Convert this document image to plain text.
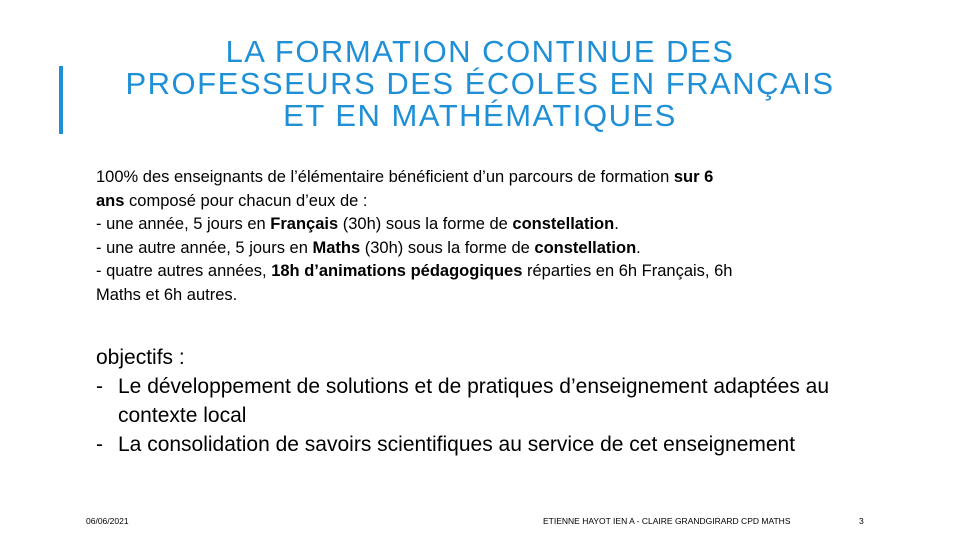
LA FORMATION CONTINUE DES
PROFESSEURS DES ÉCOLES EN FRANÇAIS
ET EN MATHÉMATIQUES
100% des enseignants de l’élémentaire bénéficient d’un parcours de formation sur 6
ans composé pour chacun d’eux de :
- une année, 5 jours en Français (30h) sous la forme de constellation.
- une autre année, 5 jours en Maths (30h) sous la forme de constellation.
- quatre autres années, 18h d’animations pédagogiques réparties en 6h Français, 6h
Maths et 6h autres.
objectifs :
- Le développement de solutions et de pratiques d’enseignement adaptées au contexte local
- La consolidation de savoirs scientifiques au service de cet enseignement
06/06/2021	ETIENNE HAYOT IEN A - CLAIRE GRANDGIRARD CPD MATHS	3
